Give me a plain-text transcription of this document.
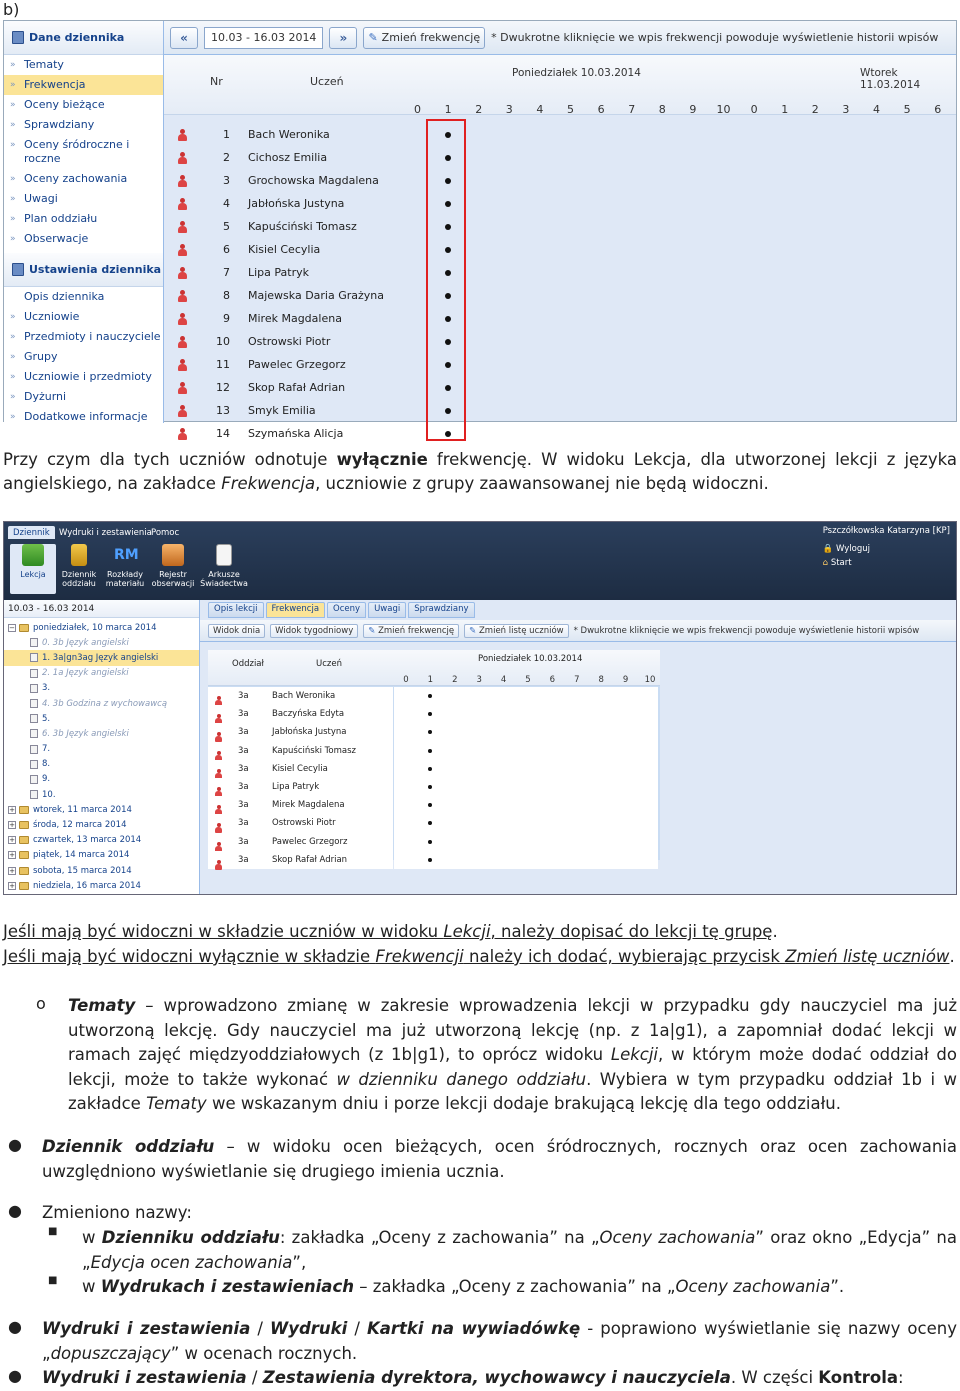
b)
Dane dziennika
» Tematy
» Frekwencja
» Oceny bieżące
» Sprawdziany
» Oceny śródroczne i roczne
» Oceny zachowania
» Uwagi
» Plan oddziału
» Obserwacje
Ustawienia dziennika
Opis dziennika
» Uczniowie
» Przedmioty i nauczyciele
» Grupy
» Uczniowie i przedmioty
» Dyżurni
» Dodatkowe informacje
«	10.03 - 16.03 2014	»	✎ Zmień frekwencję * Dwukrotne kliknięcie we wpis frekwencji powoduje wyświetlenie historii wpisów
Nr	Uczeń
Poniedziałek 10.03.2014	Wtorek 11.03.2014
0	1	2	3	4	5	6	7	8	9	10	0	1	2	3	4	5	6
1	Bach Weronika
2	Cichosz Emilia
3	Grochowska Magdalena
4	Jabłońska Justyna
5	Kapuściński Tomasz
6	Kisiel Cecylia
7	Lipa Patryk
8	Majewska Daria Grażyna
9	Mirek Magdalena
10	Ostrowski Piotr
11	Pawelec Grzegorz
12	Skop Rafał Adrian
13	Smyk Emilia
14	Szymańska Alicja
Przy czym dla tych uczniów odnotuje wyłącznie frekwencję. W widoku Lekcja, dla utworzonej lekcji z języka angielskiego, na zakładce Frekwencja, uczniowie z grupy zaawansowanej nie będą widoczni.
Dziennik	Wydruki i zestawienia Pomoc
Lekcja	Dziennik oddziału
RM
Rozkłady materiału
Rejestr obserwacji
Arkusze Świadectwa
Pszczółkowska Katarzyna [KP]
🔒 Wyloguj
⌂ Start
10.03 - 16.03 2014
− poniedziałek, 10 marca 2014
0. 3b Język angielski
1. 3a|gn3ag Język angielski
2. 1a Język angielski
3.
4. 3b Godzina z wychowawcą
5.
6. 3b Język angielski
7.
8.
9.
10.
+ wtorek, 11 marca 2014
+ środa, 12 marca 2014
+ czwartek, 13 marca 2014
+ piątek, 14 marca 2014
+ sobota, 15 marca 2014
+ niedziela, 16 marca 2014
Opis lekcji	Frekwencja	Oceny	Uwagi	Sprawdziany
Widok dnia	Widok tygodniowy	✎ Zmień frekwencję	✎ Zmień listę uczniów	* Dwukrotne kliknięcie we wpis frekwencji powoduje wyświetlenie historii wpisów
Oddział	Uczeń	Poniedziałek 10.03.2014
0	1	2	3	4	5	6	7	8	9	10
3a	Bach Weronika
3a	Baczyńska Edyta
3a	Jabłońska Justyna
3a	Kapuściński Tomasz
3a	Kisiel Cecylia
3a	Lipa Patryk
3a	Mirek Magdalena
3a	Ostrowski Piotr
3a	Pawelec Grzegorz
3a	Skop Rafał Adrian
Jeśli mają być widoczni w składzie uczniów w widoku Lekcji, należy dopisać do lekcji tę grupę.
Jeśli mają być widoczni wyłącznie w składzie Frekwencji należy ich dodać, wybierając przycisk Zmień listę uczniów.
o Tematy – wprowadzono zmianę w zakresie wprowadzenia lekcji w przypadku gdy nauczyciel ma już utworzoną lekcję. Gdy nauczyciel ma już utworzoną lekcję (np. z 1a|g1), a zapomniał dodać lekcji w ramach zajęć międzyoddziałowych (z 1b|g1), to oprócz widoku Lekcji, w którym może dodać oddział do lekcji, może to także wykonać w dzienniku danego oddziału. Wybiera w tym przypadku oddział 1b i w zakładce Tematy we wskazanym dniu i porze lekcji dodaje brakującą lekcję dla tego oddziału.
● Dziennik oddziału – w widoku ocen bieżących, ocen śródrocznych, rocznych oraz ocen zachowania uwzględniono wyświetlanie się drugiego imienia ucznia.
● Zmieniono nazwy:
■ w Dzienniku oddziału: zakładka „Oceny z zachowania” na „Oceny zachowania” oraz okno „Edycja” na „Edycja ocen zachowania”,
■ w Wydrukach i zestawieniach – zakładka „Oceny z zachowania” na „Oceny zachowania”.
● Wydruki i zestawienia / Wydruki / Kartki na wywiadówkę - poprawiono wyświetlanie się nazwy oceny „dopuszczający” w ocenach rocznych.
● Wydruki i zestawienia / Zestawienia dyrektora, wychowawcy i nauczyciela. W części Kontrola:
